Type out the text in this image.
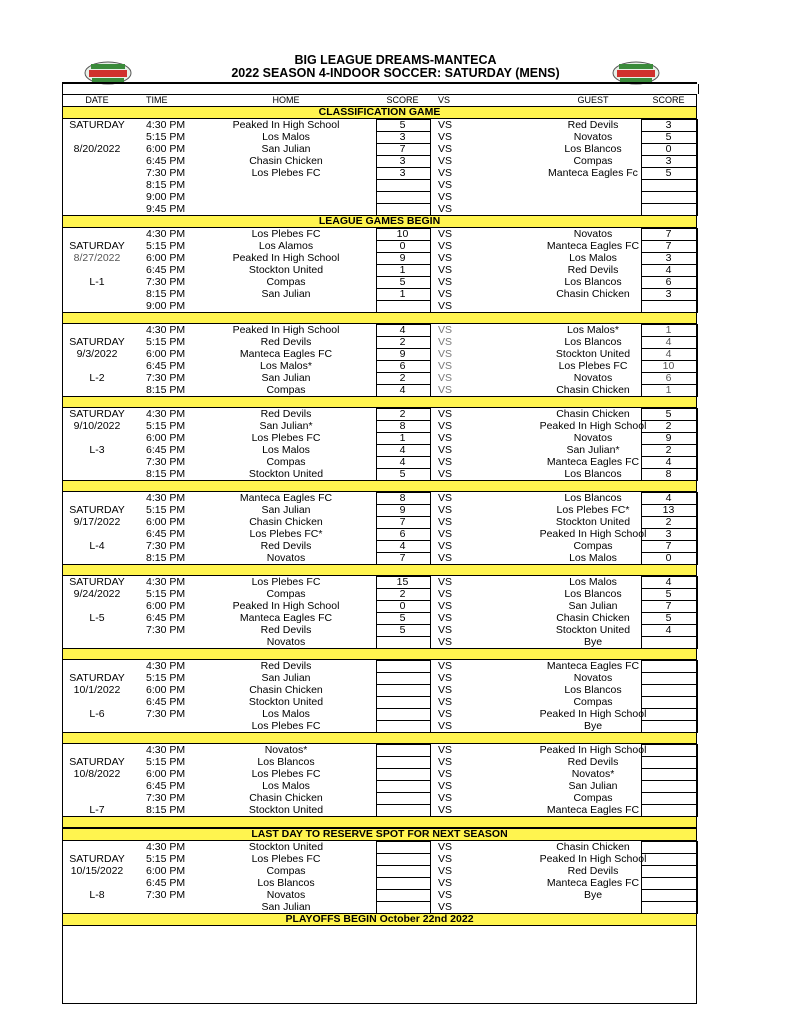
BIG LEAGUE DREAMS-MANTECA
2022 SEASON 4-INDOOR SOCCER: SATURDAY (MENS)
DATE	TIME	HOME	SCORE	VS	GUEST	SCORE
CLASSIFICATION GAME
SATURDAY	4:30 PM	Peaked In High School	5	VS	Red Devils	3
5:15 PM	Los Malos	3	VS	Novatos	5
8/20/2022	6:00 PM	San Julian	7	VS	Los Blancos	0
6:45 PM	Chasin Chicken	3	VS	Compas	3
7:30 PM	Los Plebes FC	3	VS	Manteca Eagles Fc	5
8:15 PM	VS
9:00 PM	VS
9:45 PM	VS
LEAGUE GAMES BEGIN
4:30 PM	Los Plebes FC	10	VS	Novatos	7
SATURDAY	5:15 PM	Los Alamos	0	VS	Manteca Eagles FC	7
8/27/2022	6:00 PM	Peaked In High School	9	VS	Los Malos	3
6:45 PM	Stockton United	1	VS	Red Devils	4
L-1	7:30 PM	Compas	5	VS	Los Blancos	6
8:15 PM	San Julian	1	VS	Chasin Chicken	3
9:00 PM	VS
4:30 PM	Peaked In High School	4	VS	Los Malos*	1
SATURDAY	5:15 PM	Red Devils	2	VS	Los Blancos	4
9/3/2022	6:00 PM	Manteca Eagles FC	9	VS	Stockton United	4
6:45 PM	Los Malos*	6	VS	Los Plebes FC	10
L-2	7:30 PM	San Julian	2	VS	Novatos	6
8:15 PM	Compas	4	VS	Chasin Chicken	1
SATURDAY	4:30 PM	Red Devils	2	VS	Chasin Chicken	5
9/10/2022	5:15 PM	San Julian*	8	VS	Peaked In High School	2
6:00 PM	Los Plebes FC	1	VS	Novatos	9
L-3	6:45 PM	Los Malos	4	VS	San Julian*	2
7:30 PM	Compas	4	VS	Manteca Eagles FC	4
8:15 PM	Stockton United	5	VS	Los Blancos	8
4:30 PM	Manteca Eagles FC	8	VS	Los Blancos	4
SATURDAY	5:15 PM	San Julian	9	VS	Los Plebes FC*	13
9/17/2022	6:00 PM	Chasin Chicken	7	VS	Stockton United	2
6:45 PM	Los Plebes FC*	6	VS	Peaked In High School	3
L-4	7:30 PM	Red Devils	4	VS	Compas	7
8:15 PM	Novatos	7	VS	Los Malos	0
SATURDAY	4:30 PM	Los Plebes FC	15	VS	Los Malos	4
9/24/2022	5:15 PM	Compas	2	VS	Los Blancos	5
6:00 PM	Peaked In High School	0	VS	San Julian	7
L-5	6:45 PM	Manteca Eagles FC	5	VS	Chasin Chicken	5
7:30 PM	Red Devils	5	VS	Stockton United	4
Novatos	VS	Bye
4:30 PM	Red Devils	VS	Manteca Eagles FC
SATURDAY	5:15 PM	San Julian	VS	Novatos
10/1/2022	6:00 PM	Chasin Chicken	VS	Los Blancos
6:45 PM	Stockton United	VS	Compas
L-6	7:30 PM	Los Malos	VS	Peaked In High School
Los Plebes FC	VS	Bye
4:30 PM	Novatos*	VS	Peaked In High School
SATURDAY	5:15 PM	Los Blancos	VS	Red Devils
10/8/2022	6:00 PM	Los Plebes FC	VS	Novatos*
6:45 PM	Los Malos	VS	San Julian
7:30 PM	Chasin Chicken	VS	Compas
L-7	8:15 PM	Stockton United	VS	Manteca Eagles FC
LAST DAY TO RESERVE SPOT FOR NEXT SEASON
4:30 PM	Stockton United	VS	Chasin Chicken
SATURDAY	5:15 PM	Los Plebes FC	VS	Peaked In High School
10/15/2022	6:00 PM	Compas	VS	Red Devils
6:45 PM	Los Blancos	VS	Manteca Eagles FC
L-8	7:30 PM	Novatos	VS	Bye
San Julian	VS
PLAYOFFS BEGIN October 22nd 2022
